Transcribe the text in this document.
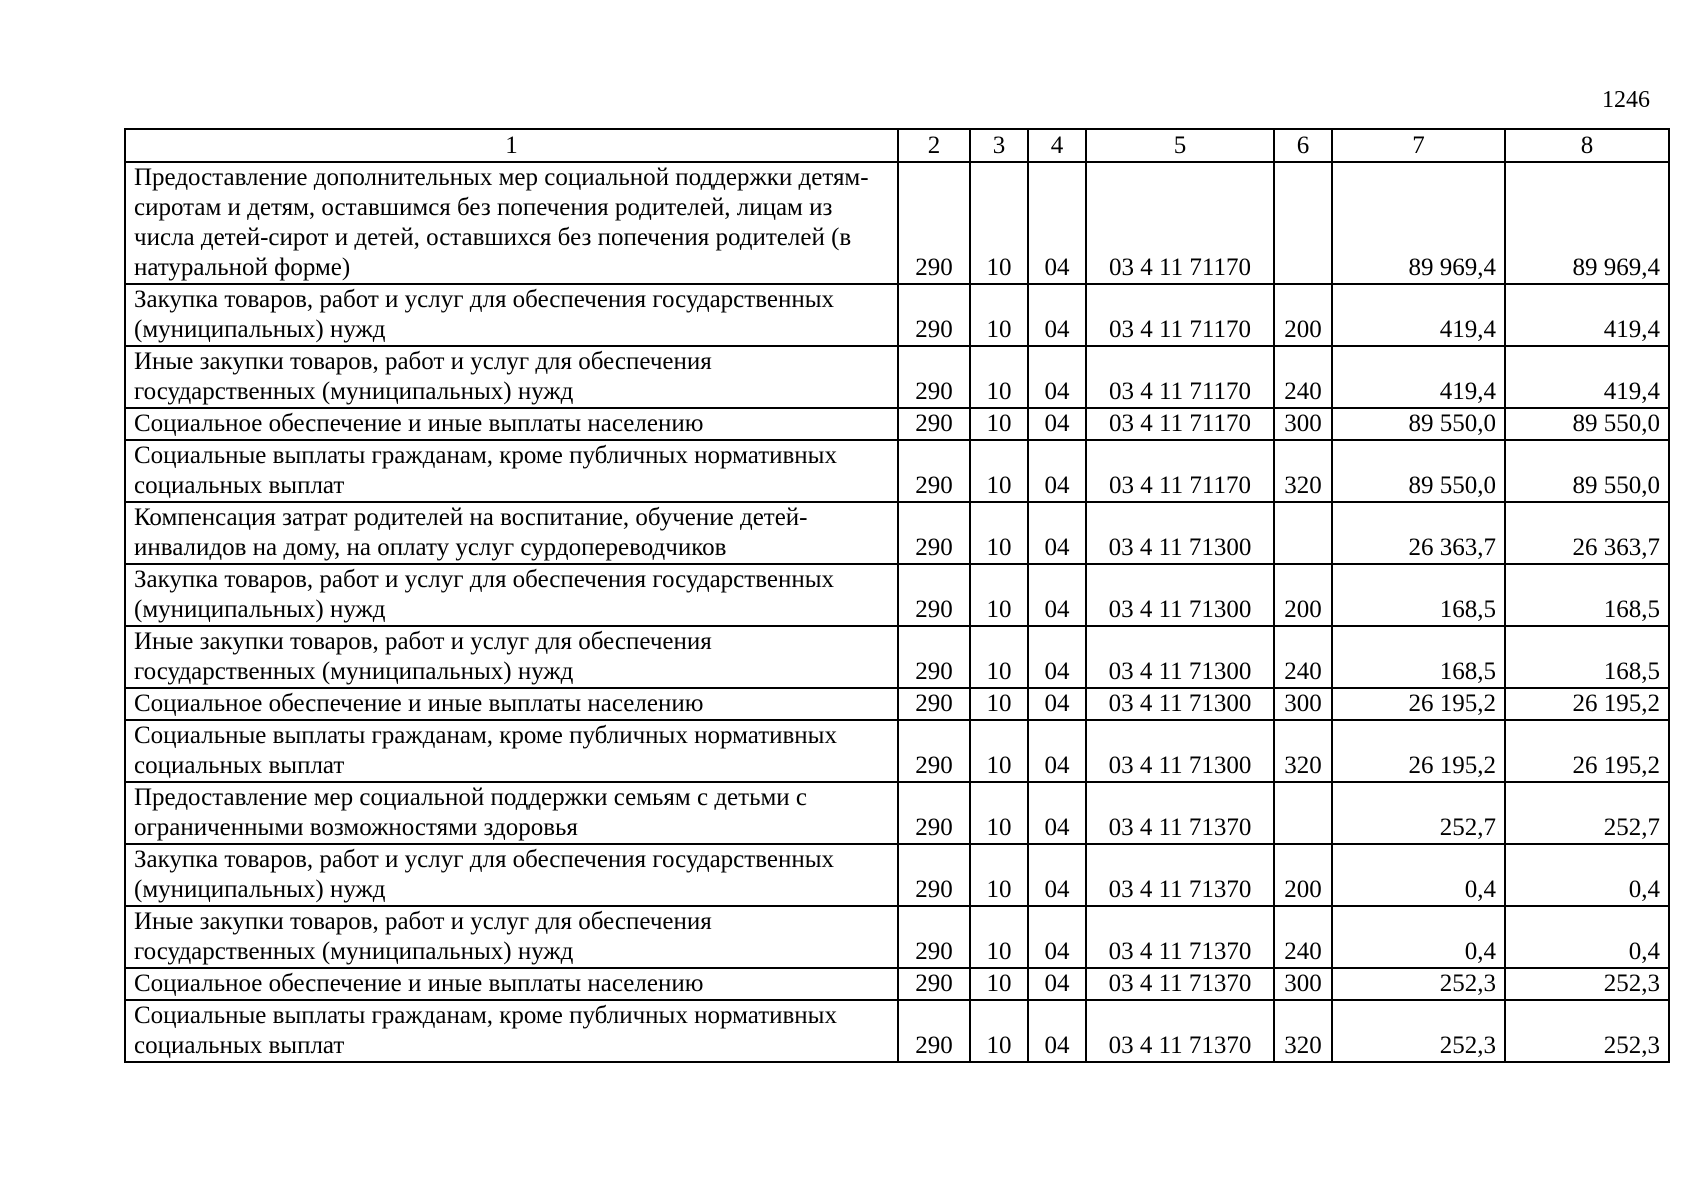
1246
1	2	3	4	5	6	7	8
Предоставление дополнительных мер социальной поддержки детям-сиротам и детям, оставшимся без попечения родителей, лицам из числа детей-сирот и детей, оставшихся без попечения родителей (в натуральной форме)	290	10	04	03 4 11 71170		89 969,4	89 969,4
Закупка товаров, работ и услуг для обеспечения государственных (муниципальных) нужд	290	10	04	03 4 11 71170	200	419,4	419,4
Иные закупки товаров, работ и услуг для обеспечения государственных (муниципальных) нужд	290	10	04	03 4 11 71170	240	419,4	419,4
Социальное обеспечение и иные выплаты населению	290	10	04	03 4 11 71170	300	89 550,0	89 550,0
Социальные выплаты гражданам, кроме публичных нормативных социальных выплат	290	10	04	03 4 11 71170	320	89 550,0	89 550,0
Компенсация затрат родителей на воспитание, обучение детей-инвалидов на дому, на оплату услуг сурдопереводчиков	290	10	04	03 4 11 71300		26 363,7	26 363,7
Закупка товаров, работ и услуг для обеспечения государственных (муниципальных) нужд	290	10	04	03 4 11 71300	200	168,5	168,5
Иные закупки товаров, работ и услуг для обеспечения государственных (муниципальных) нужд	290	10	04	03 4 11 71300	240	168,5	168,5
Социальное обеспечение и иные выплаты населению	290	10	04	03 4 11 71300	300	26 195,2	26 195,2
Социальные выплаты гражданам, кроме публичных нормативных социальных выплат	290	10	04	03 4 11 71300	320	26 195,2	26 195,2
Предоставление мер социальной поддержки семьям с детьми с ограниченными возможностями здоровья	290	10	04	03 4 11 71370		252,7	252,7
Закупка товаров, работ и услуг для обеспечения государственных (муниципальных) нужд	290	10	04	03 4 11 71370	200	0,4	0,4
Иные закупки товаров, работ и услуг для обеспечения государственных (муниципальных) нужд	290	10	04	03 4 11 71370	240	0,4	0,4
Социальное обеспечение и иные выплаты населению	290	10	04	03 4 11 71370	300	252,3	252,3
Социальные выплаты гражданам, кроме публичных нормативных социальных выплат	290	10	04	03 4 11 71370	320	252,3	252,3
